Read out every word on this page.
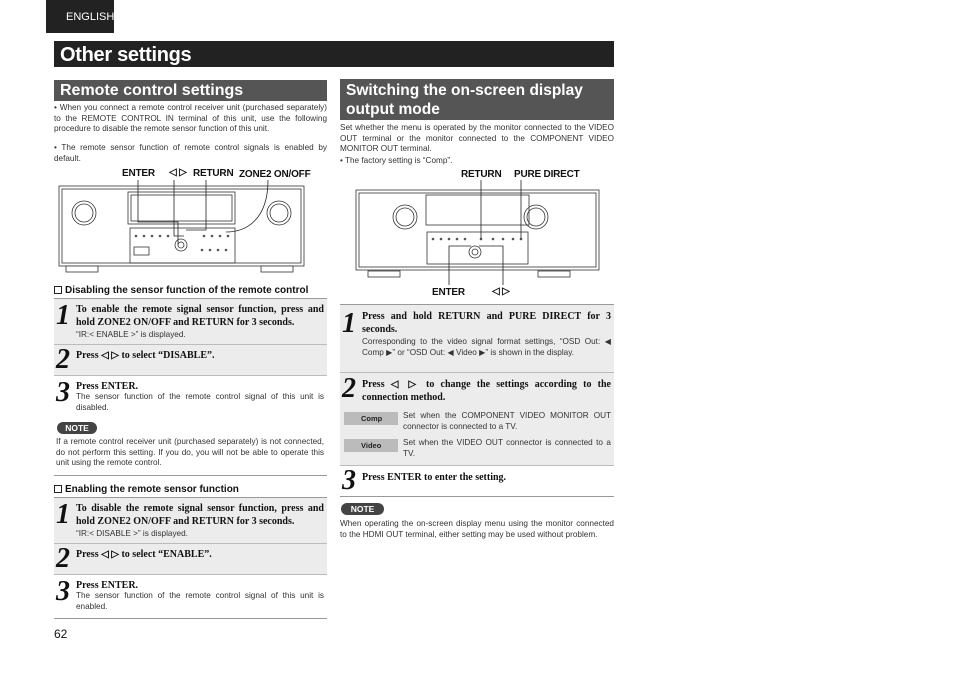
ENGLISH
Other settings
Remote control settings
• When you connect a remote control receiver unit (purchased separately) to the REMOTE CONTROL IN terminal of this unit, use the following procedure to disable the remote sensor function of this unit.
• The remote sensor function of remote control signals is enabled by default.
ENTER ◁ ▷ RETURN ZONE2 ON/OFF
Disabling the sensor function of the remote control
1 To enable the remote signal sensor function, press and hold ZONE2 ON/OFF and RETURN for 3 seconds.
“IR:< ENABLE >” is displayed.
2 Press ◁ ▷ to select “DISABLE”.
3 Press ENTER.
The sensor function of the remote control signal of this unit is disabled.
NOTE
If a remote control receiver unit (purchased separately) is not connected, do not perform this setting. If you do, you will not be able to operate this unit using the remote control.
Enabling the remote sensor function
1 To disable the remote signal sensor function, press and hold ZONE2 ON/OFF and RETURN for 3 seconds.
“IR:< DISABLE >” is displayed.
2 Press ◁ ▷ to select “ENABLE”.
3 Press ENTER.
The sensor function of the remote control signal of this unit is enabled.
Switching the on-screen display
output mode
Set whether the menu is operated by the monitor connected to the VIDEO OUT terminal or the monitor connected to the COMPONENT VIDEO MONITOR OUT terminal.
• The factory setting is “Comp”.
RETURN PURE DIRECT
ENTER	◁ ▷
1 Press and hold RETURN and PURE DIRECT for 3 seconds.
Corresponding to the video signal format settings, “OSD Out: ◀ Comp ▶” or “OSD Out: ◀ Video ▶” is shown in the display.
2 Press ◁ ▷ to change the settings according to the connection method.
Comp	Set when the COMPONENT VIDEO MONITOR OUT connector is connected to a TV.
Video	Set when the VIDEO OUT connector is connected to a TV.
3 Press ENTER to enter the setting.
NOTE
When operating the on-screen display menu using the monitor connected to the HDMI OUT terminal, either setting may be used without problem.
62
